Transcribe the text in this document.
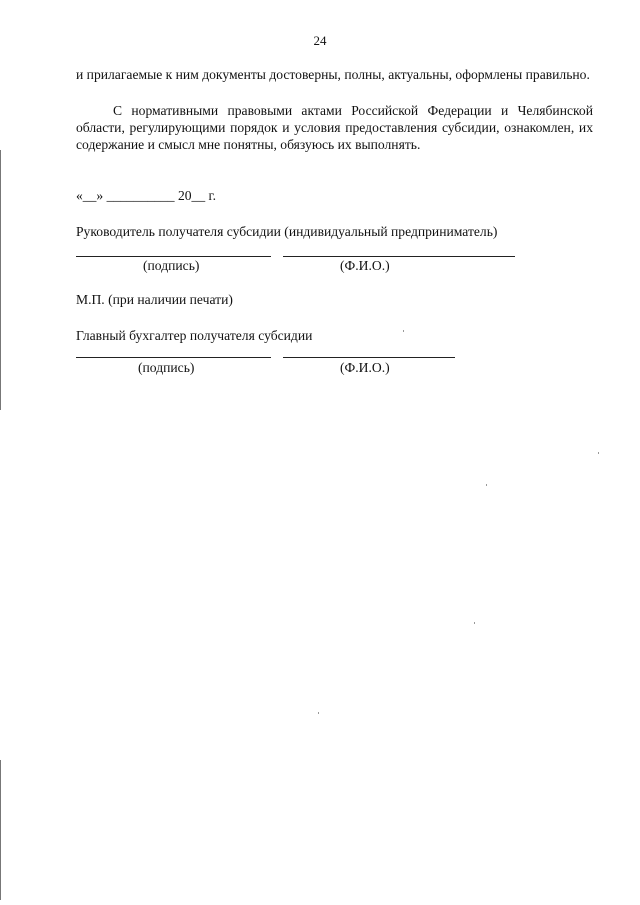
24
и прилагаемые к ним документы достоверны, полны, актуальны, оформлены правильно.
С нормативными правовыми актами Российской Федерации и Челябинской области, регулирующими порядок и условия предоставления субсидии, ознакомлен, их содержание и смысл мне понятны, обязуюсь их выполнять.
«__» __________ 20__ г.
Руководитель получателя субсидии (индивидуальный предприниматель)
(подпись)	(Ф.И.О.)
М.П. (при наличии печати)
Главный бухгалтер получателя субсидии
(подпись)	(Ф.И.О.)
